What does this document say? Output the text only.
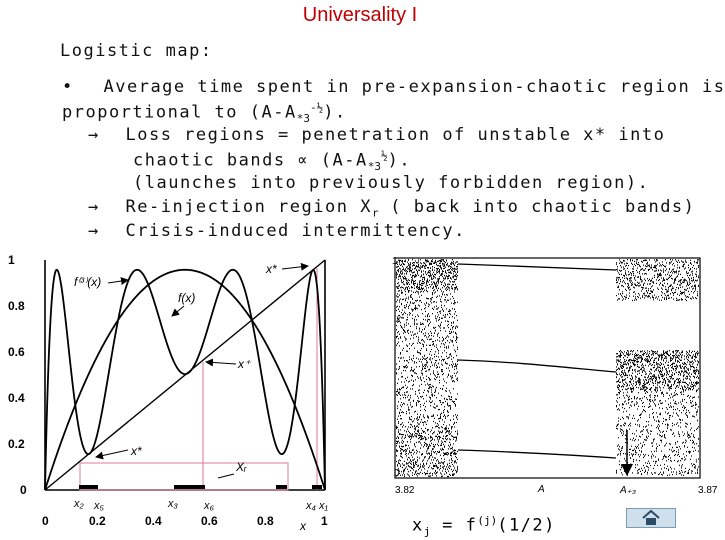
Universality I
Logistic map:
• Average time spent in pre-expansion-chaotic region is
proportional to $(A-A_{*3}^{-\frac{1}{2}})$.
→ Loss regions = penetration of unstable x* into
chaotic bands ∝ $(A-A_{*3}^{\frac{1}{2}})$.
(launches into previously forbidden region).
→ Re-injection region $X_r$ ( back into chaotic bands)
→ Crisis-induced intermittency.
1
0.8
0.6
0.4
0.2
0
0	0.2	0.4	0.6	0.8	1
x
f⁽³⁾(x)
f(x)
x*
x⁺
x*
Xᵣ
x₂ x₅	x₃ x₆	x₄ x₁
1
0
x
3.82	3.87
A	A₊₃
$x_j = f^{(j)}(1/2)$
